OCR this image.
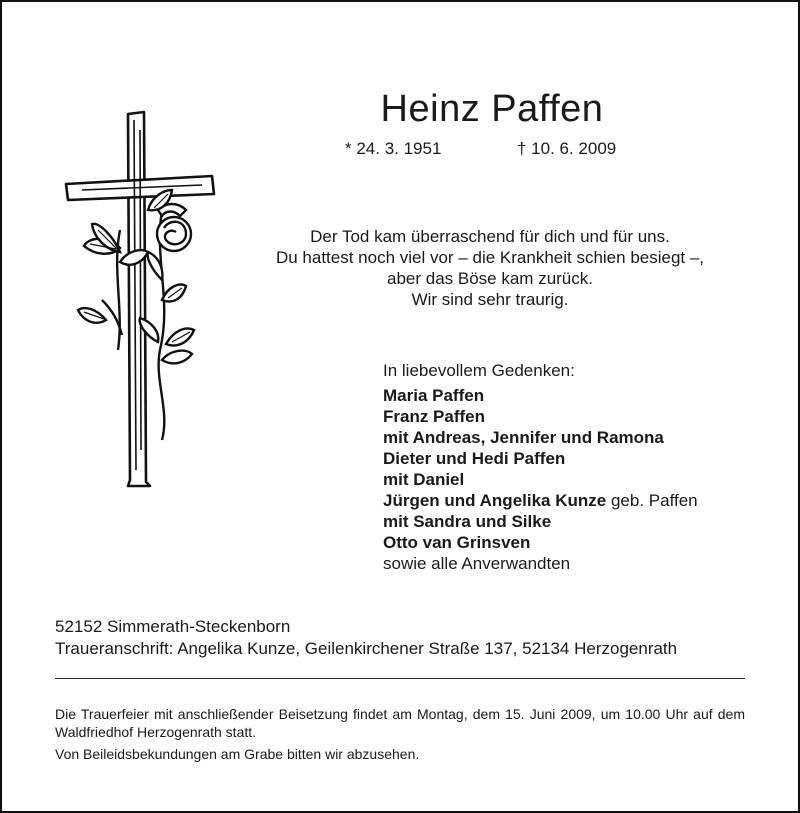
Heinz Paffen
* 24. 3. 1951	† 10. 6. 2009
Der Tod kam überraschend für dich und für uns.
Du hattest noch viel vor – die Krankheit schien besiegt –,
aber das Böse kam zurück.
Wir sind sehr traurig.
In liebevollem Gedenken:
Maria Paffen
Franz Paffen
mit Andreas, Jennifer und Ramona
Dieter und Hedi Paffen
mit Daniel
Jürgen und Angelika Kunze geb. Paffen
mit Sandra und Silke
Otto van Grinsven
sowie alle Anverwandten
52152 Simmerath-Steckenborn
Traueranschrift: Angelika Kunze, Geilenkirchener Straße 137, 52134 Herzogenrath

Die Trauerfeier mit anschließender Beisetzung findet am Montag, dem 15. Juni 2009, um 10.00 Uhr auf dem Waldfriedhof Herzogenrath statt.

Von Beileidsbekundungen am Grabe bitten wir abzusehen.
